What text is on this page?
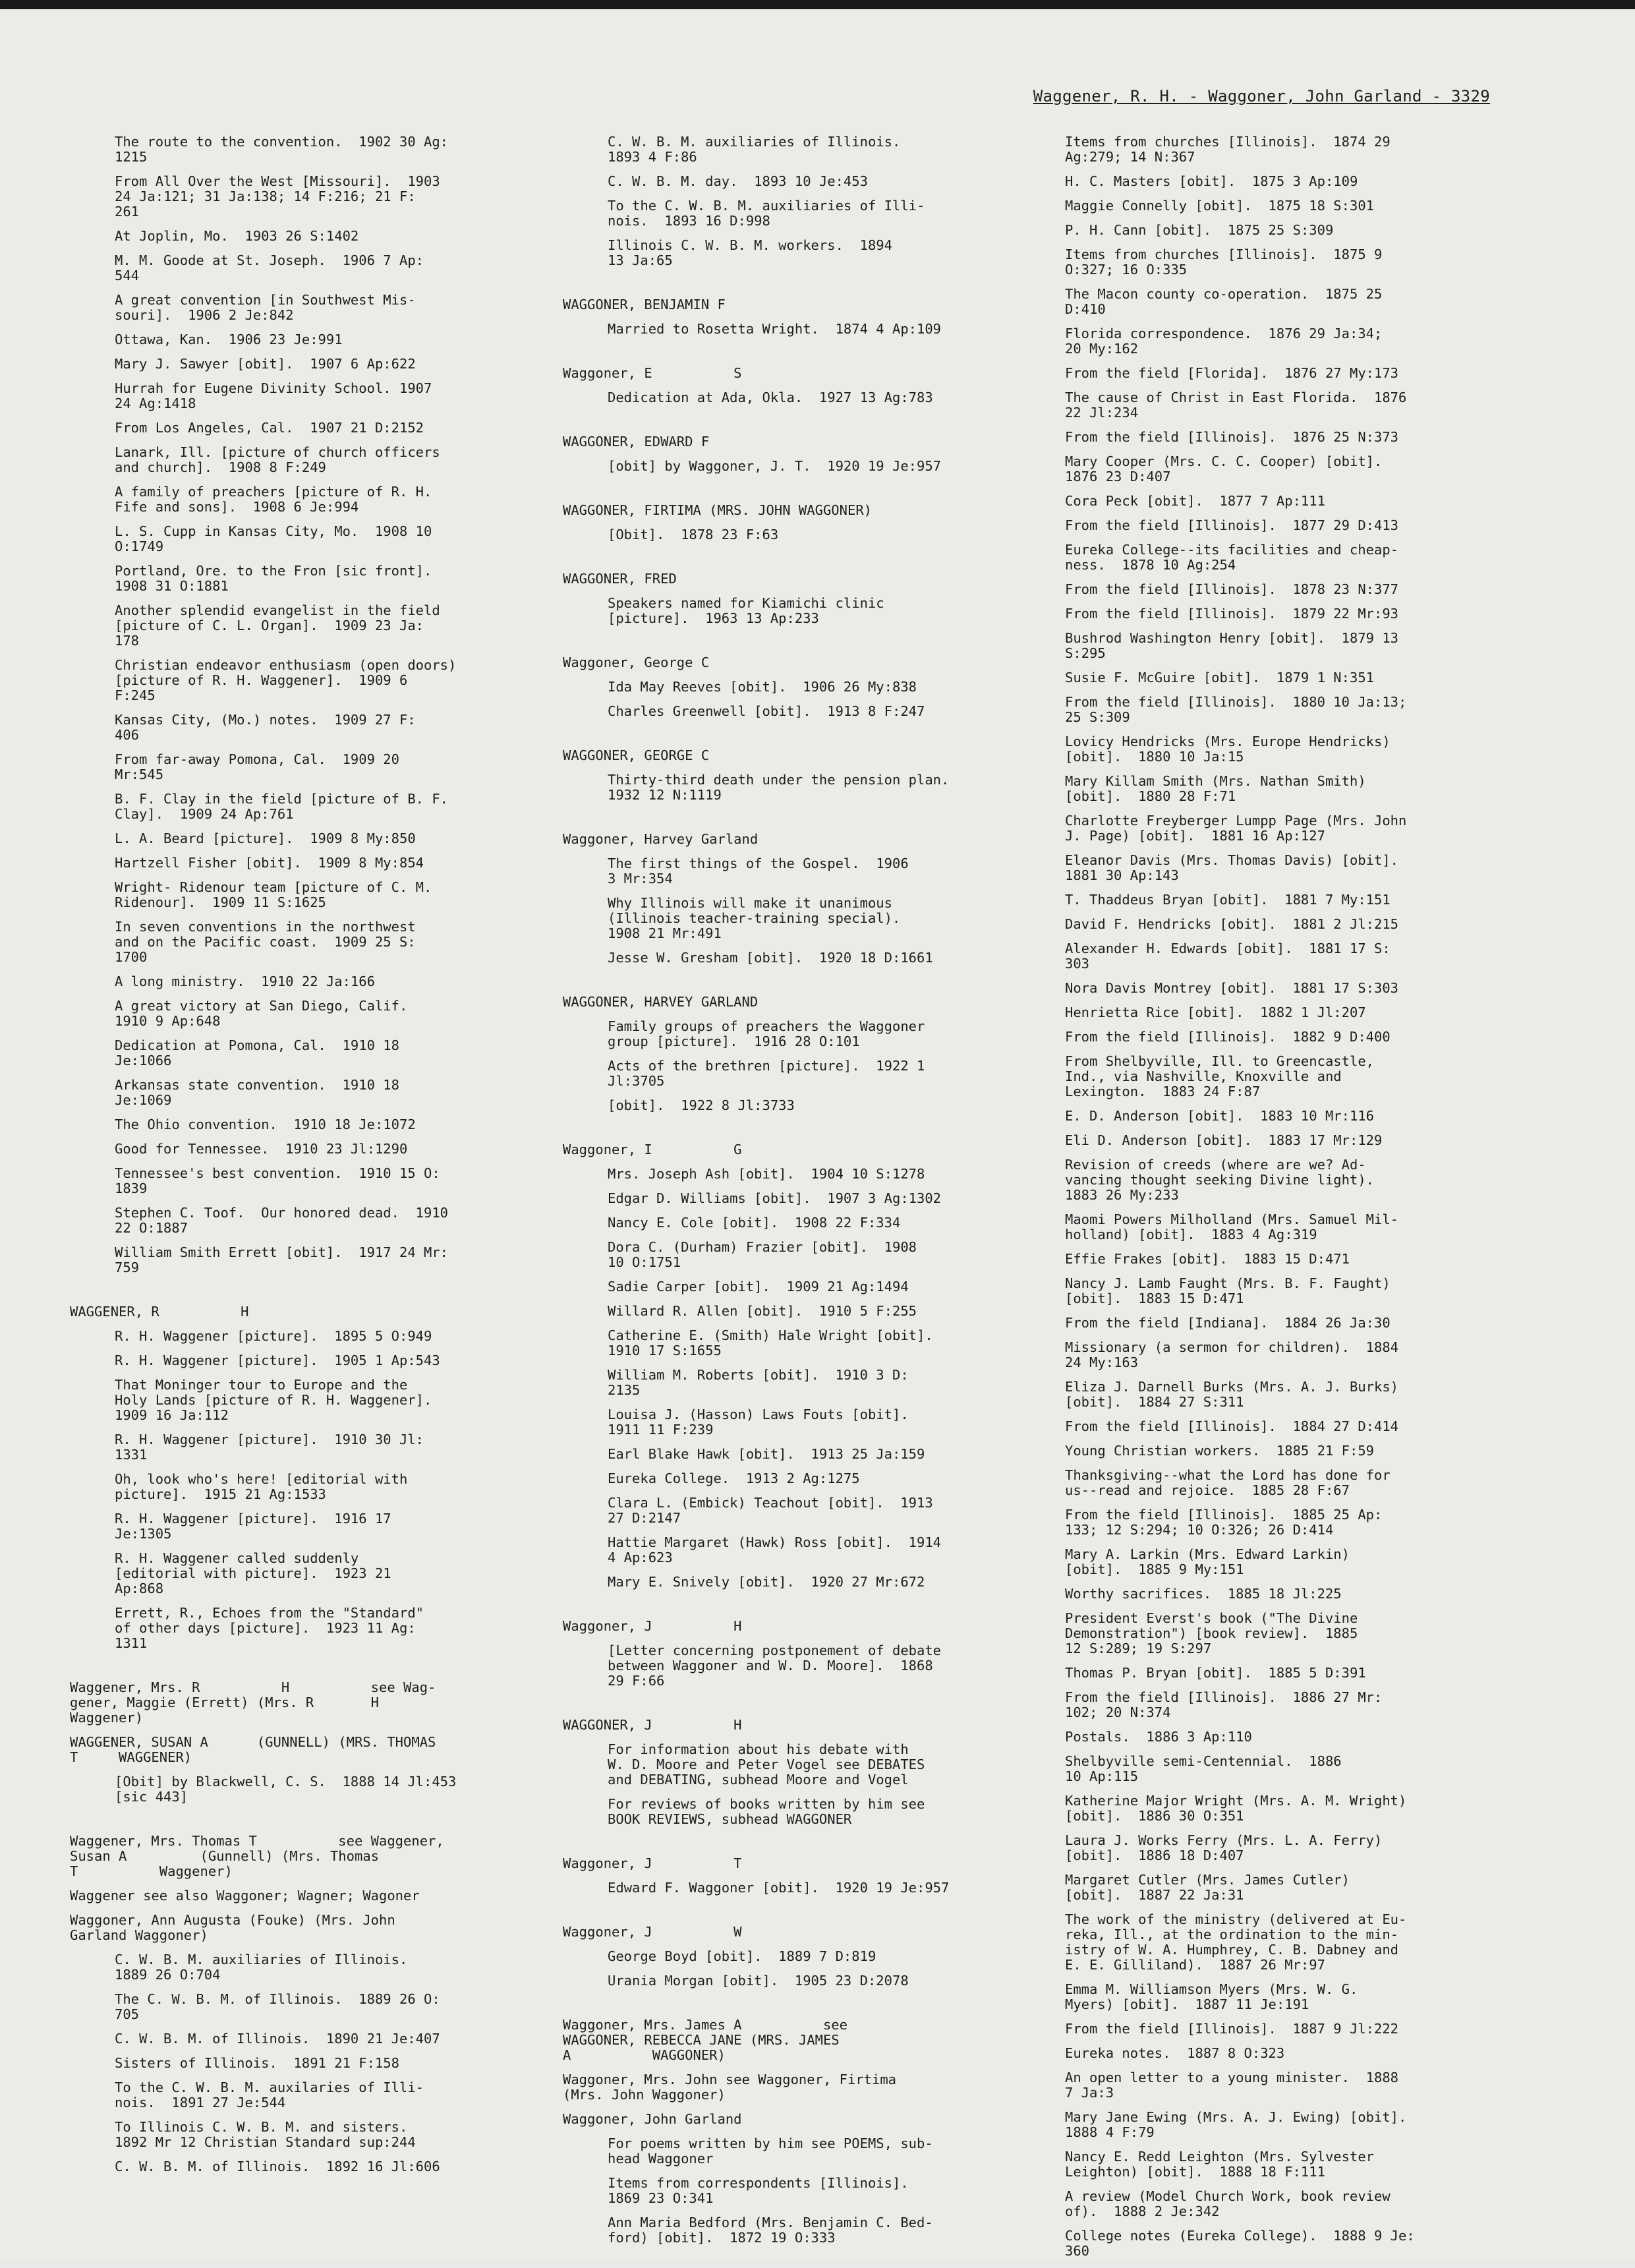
Waggener, R. H. - Waggoner, John Garland - 3329
The route to the convention.  1902 30 Ag:
1215
From All Over the West [Missouri].  1903
24 Ja:121; 31 Ja:138; 14 F:216; 21 F:
261
At Joplin, Mo.  1903 26 S:1402
M. M. Goode at St. Joseph.  1906 7 Ap:
544
A great convention [in Southwest Mis-
souri].  1906 2 Je:842
Ottawa, Kan.  1906 23 Je:991
Mary J. Sawyer [obit].  1907 6 Ap:622
Hurrah for Eugene Divinity School. 1907
24 Ag:1418
From Los Angeles, Cal.  1907 21 D:2152
Lanark, Ill. [picture of church officers
and church].  1908 8 F:249
A family of preachers [picture of R. H.
Fife and sons].  1908 6 Je:994
L. S. Cupp in Kansas City, Mo.  1908 10
O:1749
Portland, Ore. to the Fron [sic front].
1908 31 O:1881
Another splendid evangelist in the field
[picture of C. L. Organ].  1909 23 Ja:
178
Christian endeavor enthusiasm (open doors)
[picture of R. H. Waggener].  1909 6
F:245
Kansas City, (Mo.) notes.  1909 27 F:
406
From far-away Pomona, Cal.  1909 20
Mr:545
B. F. Clay in the field [picture of B. F.
Clay].  1909 24 Ap:761
L. A. Beard [picture].  1909 8 My:850
Hartzell Fisher [obit].  1909 8 My:854
Wright- Ridenour team [picture of C. M.
Ridenour].  1909 11 S:1625
In seven conventions in the northwest
and on the Pacific coast.  1909 25 S:
1700
A long ministry.  1910 22 Ja:166
A great victory at San Diego, Calif.
1910 9 Ap:648
Dedication at Pomona, Cal.  1910 18
Je:1066
Arkansas state convention.  1910 18
Je:1069
The Ohio convention.  1910 18 Je:1072
Good for Tennessee.  1910 23 Jl:1290
Tennessee's best convention.  1910 15 O:
1839
Stephen C. Toof.  Our honored dead.  1910
22 O:1887
William Smith Errett [obit].  1917 24 Mr:
759
WAGGENER, R          H
R. H. Waggener [picture].  1895 5 O:949
R. H. Waggener [picture].  1905 1 Ap:543
That Moninger tour to Europe and the
Holy Lands [picture of R. H. Waggener].
1909 16 Ja:112
R. H. Waggener [picture].  1910 30 Jl:
1331
Oh, look who's here! [editorial with
picture].  1915 21 Ag:1533
R. H. Waggener [picture].  1916 17
Je:1305
R. H. Waggener called suddenly
[editorial with picture].  1923 21
Ap:868
Errett, R., Echoes from the "Standard"
of other days [picture].  1923 11 Ag:
1311
Waggener, Mrs. R          H          see Wag-
gener, Maggie (Errett) (Mrs. R       H
Waggener)
WAGGENER, SUSAN A      (GUNNELL) (MRS. THOMAS
T     WAGGENER)
[Obit] by Blackwell, C. S.  1888 14 Jl:453
[sic 443]
Waggener, Mrs. Thomas T          see Waggener,
Susan A         (Gunnell) (Mrs. Thomas
T          Waggener)
Waggener see also Waggoner; Wagner; Wagoner
Waggoner, Ann Augusta (Fouke) (Mrs. John
Garland Waggoner)
C. W. B. M. auxiliaries of Illinois.
1889 26 O:704
The C. W. B. M. of Illinois.  1889 26 O:
705
C. W. B. M. of Illinois.  1890 21 Je:407
Sisters of Illinois.  1891 21 F:158
To the C. W. B. M. auxilaries of Illi-
nois.  1891 27 Je:544
To Illinois C. W. B. M. and sisters.
1892 Mr 12 Christian Standard sup:244
C. W. B. M. of Illinois.  1892 16 Jl:606
C. W. B. M. auxiliaries of Illinois.
1893 4 F:86
C. W. B. M. day.  1893 10 Je:453
To the C. W. B. M. auxiliaries of Illi-
nois.  1893 16 D:998
Illinois C. W. B. M. workers.  1894
13 Ja:65
WAGGONER, BENJAMIN F
Married to Rosetta Wright.  1874 4 Ap:109
Waggoner, E          S
Dedication at Ada, Okla.  1927 13 Ag:783
WAGGONER, EDWARD F
[obit] by Waggoner, J. T.  1920 19 Je:957
WAGGONER, FIRTIMA (MRS. JOHN WAGGONER)
[Obit].  1878 23 F:63
WAGGONER, FRED
Speakers named for Kiamichi clinic
[picture].  1963 13 Ap:233
Waggoner, George C
Ida May Reeves [obit].  1906 26 My:838
Charles Greenwell [obit].  1913 8 F:247
WAGGONER, GEORGE C
Thirty-third death under the pension plan.
1932 12 N:1119
Waggoner, Harvey Garland
The first things of the Gospel.  1906
3 Mr:354
Why Illinois will make it unanimous
(Illinois teacher-training special).
1908 21 Mr:491
Jesse W. Gresham [obit].  1920 18 D:1661
WAGGONER, HARVEY GARLAND
Family groups of preachers the Waggoner
group [picture].  1916 28 O:101
Acts of the brethren [picture].  1922 1
Jl:3705
[obit].  1922 8 Jl:3733
Waggoner, I          G
Mrs. Joseph Ash [obit].  1904 10 S:1278
Edgar D. Williams [obit].  1907 3 Ag:1302
Nancy E. Cole [obit].  1908 22 F:334
Dora C. (Durham) Frazier [obit].  1908
10 O:1751
Sadie Carper [obit].  1909 21 Ag:1494
Willard R. Allen [obit].  1910 5 F:255
Catherine E. (Smith) Hale Wright [obit].
1910 17 S:1655
William M. Roberts [obit].  1910 3 D:
2135
Louisa J. (Hasson) Laws Fouts [obit].
1911 11 F:239
Earl Blake Hawk [obit].  1913 25 Ja:159
Eureka College.  1913 2 Ag:1275
Clara L. (Embick) Teachout [obit].  1913
27 D:2147
Hattie Margaret (Hawk) Ross [obit].  1914
4 Ap:623
Mary E. Snively [obit].  1920 27 Mr:672
Waggoner, J          H
[Letter concerning postponement of debate
between Waggoner and W. D. Moore].  1868
29 F:66
WAGGONER, J          H
For information about his debate with
W. D. Moore and Peter Vogel see DEBATES
and DEBATING, subhead Moore and Vogel
For reviews of books written by him see
BOOK REVIEWS, subhead WAGGONER
Waggoner, J          T
Edward F. Waggoner [obit].  1920 19 Je:957
Waggoner, J          W
George Boyd [obit].  1889 7 D:819
Urania Morgan [obit].  1905 23 D:2078
Waggoner, Mrs. James A          see
WAGGONER, REBECCA JANE (MRS. JAMES
A          WAGGONER)
Waggoner, Mrs. John see Waggoner, Firtima
(Mrs. John Waggoner)
Waggoner, John Garland
For poems written by him see POEMS, sub-
head Waggoner
Items from correspondents [Illinois].
1869 23 O:341
Ann Maria Bedford (Mrs. Benjamin C. Bed-
ford) [obit].  1872 19 O:333
Items from churches [Illinois].  1874 29
Ag:279; 14 N:367
H. C. Masters [obit].  1875 3 Ap:109
Maggie Connelly [obit].  1875 18 S:301
P. H. Cann [obit].  1875 25 S:309
Items from churches [Illinois].  1875 9
O:327; 16 O:335
The Macon county co-operation.  1875 25
D:410
Florida correspondence.  1876 29 Ja:34;
20 My:162
From the field [Florida].  1876 27 My:173
The cause of Christ in East Florida.  1876
22 Jl:234
From the field [Illinois].  1876 25 N:373
Mary Cooper (Mrs. C. C. Cooper) [obit].
1876 23 D:407
Cora Peck [obit].  1877 7 Ap:111
From the field [Illinois].  1877 29 D:413
Eureka College--its facilities and cheap-
ness.  1878 10 Ag:254
From the field [Illinois].  1878 23 N:377
From the field [Illinois].  1879 22 Mr:93
Bushrod Washington Henry [obit].  1879 13
S:295
Susie F. McGuire [obit].  1879 1 N:351
From the field [Illinois].  1880 10 Ja:13;
25 S:309
Lovicy Hendricks (Mrs. Europe Hendricks)
[obit].  1880 10 Ja:15
Mary Killam Smith (Mrs. Nathan Smith)
[obit].  1880 28 F:71
Charlotte Freyberger Lumpp Page (Mrs. John
J. Page) [obit].  1881 16 Ap:127
Eleanor Davis (Mrs. Thomas Davis) [obit].
1881 30 Ap:143
T. Thaddeus Bryan [obit].  1881 7 My:151
David F. Hendricks [obit].  1881 2 Jl:215
Alexander H. Edwards [obit].  1881 17 S:
303
Nora Davis Montrey [obit].  1881 17 S:303
Henrietta Rice [obit].  1882 1 Jl:207
From the field [Illinois].  1882 9 D:400
From Shelbyville, Ill. to Greencastle,
Ind., via Nashville, Knoxville and
Lexington.  1883 24 F:87
E. D. Anderson [obit].  1883 10 Mr:116
Eli D. Anderson [obit].  1883 17 Mr:129
Revision of creeds (where are we? Ad-
vancing thought seeking Divine light).
1883 26 My:233
Maomi Powers Milholland (Mrs. Samuel Mil-
holland) [obit].  1883 4 Ag:319
Effie Frakes [obit].  1883 15 D:471
Nancy J. Lamb Faught (Mrs. B. F. Faught)
[obit].  1883 15 D:471
From the field [Indiana].  1884 26 Ja:30
Missionary (a sermon for children).  1884
24 My:163
Eliza J. Darnell Burks (Mrs. A. J. Burks)
[obit].  1884 27 S:311
From the field [Illinois].  1884 27 D:414
Young Christian workers.  1885 21 F:59
Thanksgiving--what the Lord has done for
us--read and rejoice.  1885 28 F:67
From the field [Illinois].  1885 25 Ap:
133; 12 S:294; 10 O:326; 26 D:414
Mary A. Larkin (Mrs. Edward Larkin)
[obit].  1885 9 My:151
Worthy sacrifices.  1885 18 Jl:225
President Everst's book ("The Divine
Demonstration") [book review].  1885
12 S:289; 19 S:297
Thomas P. Bryan [obit].  1885 5 D:391
From the field [Illinois].  1886 27 Mr:
102; 20 N:374
Postals.  1886 3 Ap:110
Shelbyville semi-Centennial.  1886
10 Ap:115
Katherine Major Wright (Mrs. A. M. Wright)
[obit].  1886 30 O:351
Laura J. Works Ferry (Mrs. L. A. Ferry)
[obit].  1886 18 D:407
Margaret Cutler (Mrs. James Cutler)
[obit].  1887 22 Ja:31
The work of the ministry (delivered at Eu-
reka, Ill., at the ordination to the min-
istry of W. A. Humphrey, C. B. Dabney and
E. E. Gilliland).  1887 26 Mr:97
Emma M. Williamson Myers (Mrs. W. G.
Myers) [obit].  1887 11 Je:191
From the field [Illinois].  1887 9 Jl:222
Eureka notes.  1887 8 O:323
An open letter to a young minister.  1888
7 Ja:3
Mary Jane Ewing (Mrs. A. J. Ewing) [obit].
1888 4 F:79
Nancy E. Redd Leighton (Mrs. Sylvester
Leighton) [obit].  1888 18 F:111
A review (Model Church Work, book review
of).  1888 2 Je:342
College notes (Eureka College).  1888 9 Je:
360
